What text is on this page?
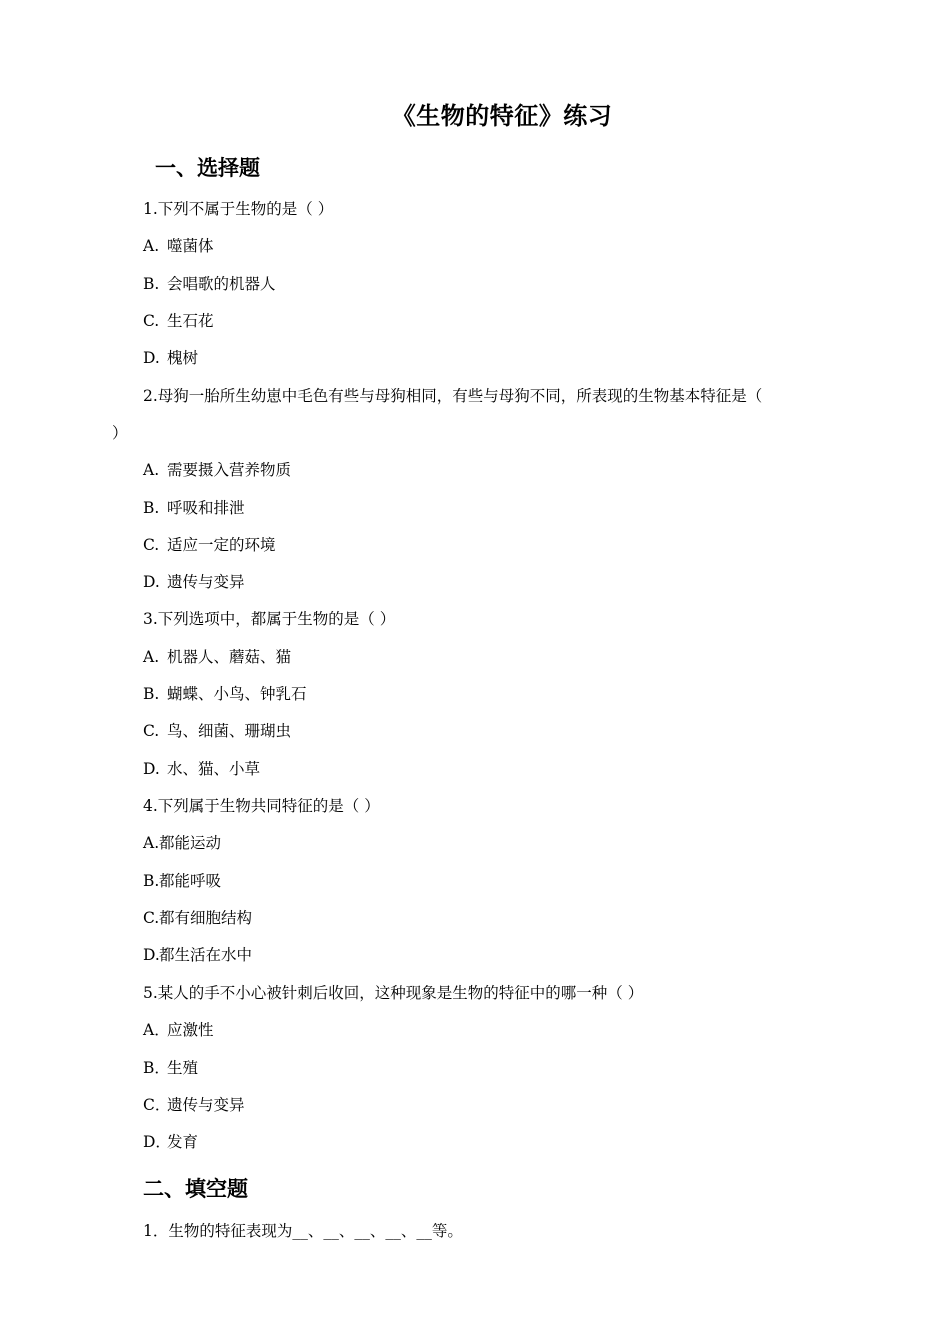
《生物的特征》练习
一、选择题

1.下列不属于生物的是（ ）

A. 噬菌体

B. 会唱歌的机器人

C. 生石花

D. 槐树

2.母狗一胎所生幼崽中毛色有些与母狗相同，有些与母狗不同，所表现的生物基本特征是（

）

A. 需要摄入营养物质

B. 呼吸和排泄

C. 适应一定的环境

D. 遗传与变异

3.下列选项中，都属于生物的是（ ）

A. 机器人、蘑菇、猫

B. 蝴蝶、小鸟、钟乳石

C. 鸟、细菌、珊瑚虫

D. 水、猫、小草

4.下列属于生物共同特征的是（ ）

A.都能运动

B.都能呼吸

C.都有细胞结构

D.都生活在水中

5.某人的手不小心被针刺后收回，这种现象是生物的特征中的哪一种（ ）

A．应激性

B．生殖

C．遗传与变异

D．发育

二、填空题

1．生物的特征表现为__、__、__、__、__等。
